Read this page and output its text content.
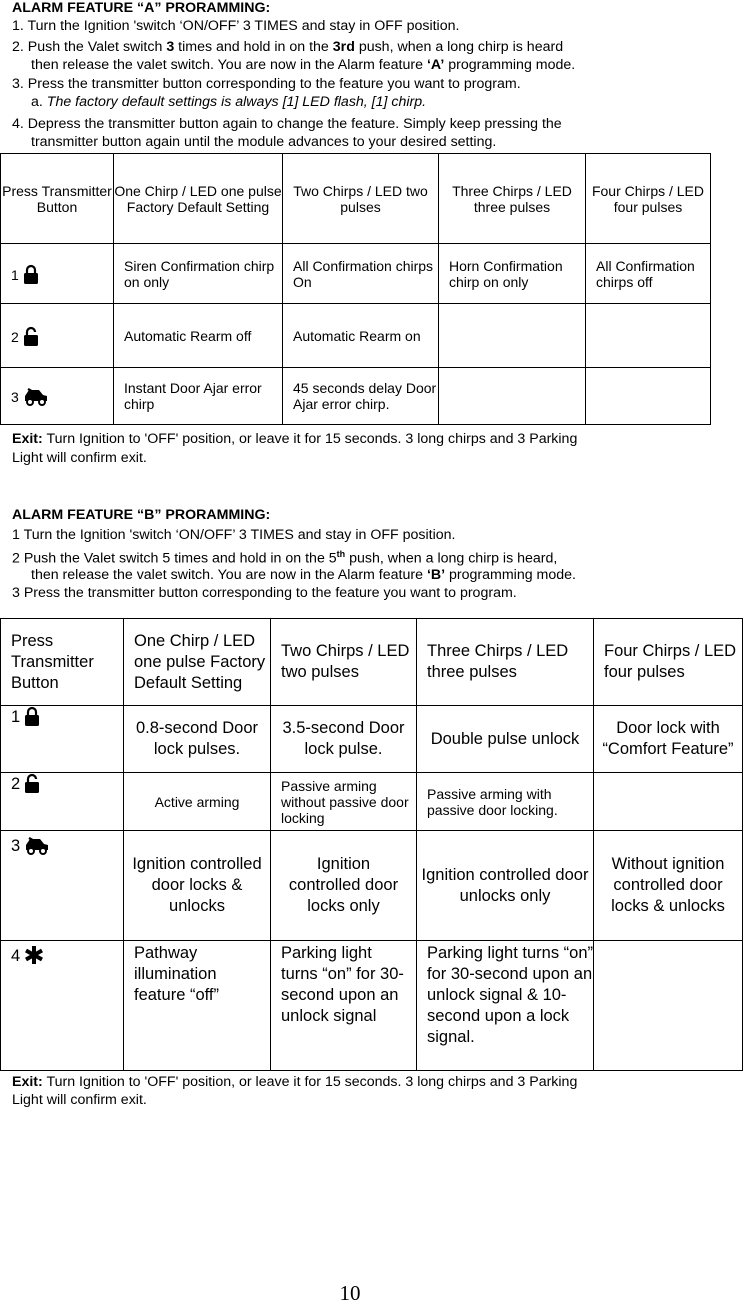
ALARM FEATURE “A” PRORAMMING:
1. Turn the Ignition 'switch ‘ON/OFF’ 3 TIMES and stay in OFF position.
2. Push the Valet switch 3 times and hold in on the 3rd push, when a long chirp is heard
then release the valet switch. You are now in the Alarm feature ‘A’ programming mode.
3. Press the transmitter button corresponding to the feature you want to program.
a. The factory default settings is always [1] LED flash, [1] chirp.
4. Depress the transmitter button again to change the feature. Simply keep pressing the
transmitter button again until the module advances to your desired setting.
Press Transmitter Button	One Chirp / LED one pulse Factory Default Setting	Two Chirps / LED two pulses	Three Chirps / LED three pulses	Four Chirps / LED four pulses
1	Siren Confirmation chirp on only	All Confirmation chirps On	Horn Confirmation chirp on only	All Confirmation chirps off
2	Automatic Rearm off	Automatic Rearm on		
3	Instant Door Ajar error chirp	45 seconds delay Door Ajar error chirp.		
Exit: Turn Ignition to 'OFF' position, or leave it for 15 seconds. 3 long chirps and 3 Parking
Light will confirm exit.
ALARM FEATURE “B” PRORAMMING:
1 Turn the Ignition 'switch ‘ON/OFF’ 3 TIMES and stay in OFF position.
2 Push the Valet switch 5 times and hold in on the 5th push, when a long chirp is heard,
then release the valet switch. You are now in the Alarm feature ‘B’ programming mode.
3 Press the transmitter button corresponding to the feature you want to program.
Press Transmitter Button	One Chirp / LED one pulse Factory Default Setting	Two Chirps / LED two pulses	Three Chirps / LED three pulses	Four Chirps / LED four pulses
1	0.8-second Door lock pulses.	3.5-second Door lock pulse.	Double pulse unlock	Door lock with “Comfort Feature”
2	Active arming	Passive arming without passive door locking	Passive arming with passive door locking.	
3	Ignition controlled door locks & unlocks	Ignition controlled door locks only	Ignition controlled door unlocks only	Without ignition controlled door locks & unlocks
4	Pathway illumination feature “off”	Parking light turns “on” for 30- second upon an unlock signal	Parking light turns “on” for 30-second upon an unlock signal & 10-second upon a lock signal.	
Exit: Turn Ignition to 'OFF' position, or leave it for 15 seconds. 3 long chirps and 3 Parking
Light will confirm exit.
10
